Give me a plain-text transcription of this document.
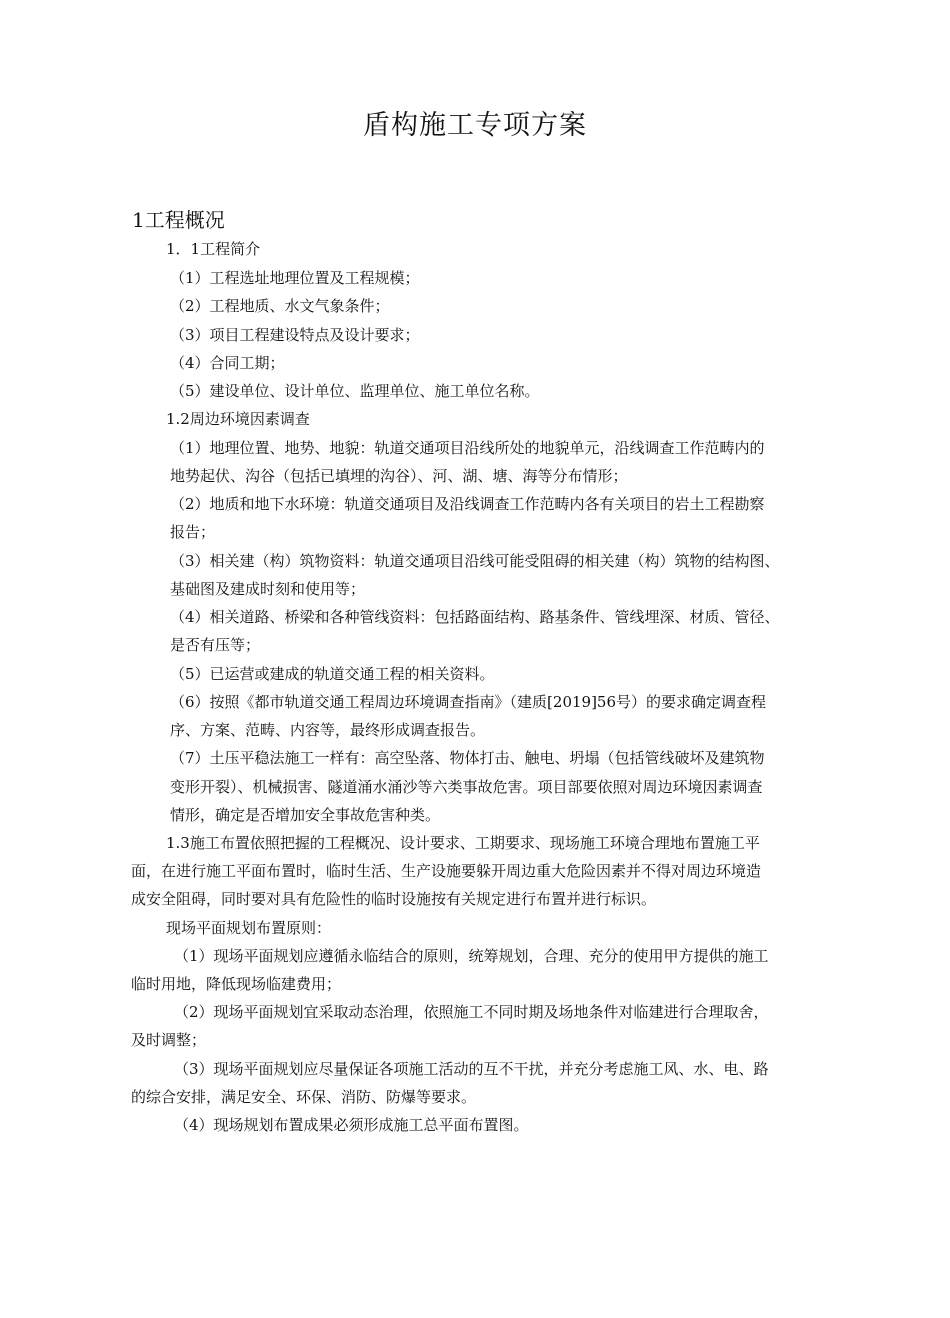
盾构施工专项方案
1工程概况
1．1工程简介
（1）工程选址地理位置及工程规模；
（2）工程地质、水文气象条件；
（3）项目工程建设特点及设计要求；
（4）合同工期；
（5）建设单位、设计单位、监理单位、施工单位名称。
1.2周边环境因素调查
（1）地理位置、地势、地貌：轨道交通项目沿线所处的地貌单元，沿线调查工作范畴内的
地势起伏、沟谷（包括已填埋的沟谷）、河、湖、塘、海等分布情形；
（2）地质和地下水环境：轨道交通项目及沿线调查工作范畴内各有关项目的岩土工程勘察
报告；
（3）相关建（构）筑物资料：轨道交通项目沿线可能受阻碍的相关建（构）筑物的结构图、
基础图及建成时刻和使用等；
（4）相关道路、桥梁和各种管线资料：包括路面结构、路基条件、管线埋深、材质、管径、
是否有压等；
（5）已运营或建成的轨道交通工程的相关资料。
（6）按照《都市轨道交通工程周边环境调查指南》（建质[2019]56号）的要求确定调查程
序、方案、范畴、内容等，最终形成调查报告。
（7）土压平稳法施工一样有：高空坠落、物体打击、触电、坍塌（包括管线破坏及建筑物
变形开裂）、机械损害、隧道涌水涌沙等六类事故危害。项目部要依照对周边环境因素调查
情形，确定是否增加安全事故危害种类。
1.3施工布置依照把握的工程概况、设计要求、工期要求、现场施工环境合理地布置施工平
面，在进行施工平面布置时，临时生活、生产设施要躲开周边重大危险因素并不得对周边环境造
成安全阻碍，同时要对具有危险性的临时设施按有关规定进行布置并进行标识。
现场平面规划布置原则：
（1）现场平面规划应遵循永临结合的原则，统筹规划，合理、充分的使用甲方提供的施工
临时用地，降低现场临建费用；
（2）现场平面规划宜采取动态治理，依照施工不同时期及场地条件对临建进行合理取舍，
及时调整；
（3）现场平面规划应尽量保证各项施工活动的互不干扰，并充分考虑施工风、水、电、路
的综合安排，满足安全、环保、消防、防爆等要求。
（4）现场规划布置成果必须形成施工总平面布置图。
